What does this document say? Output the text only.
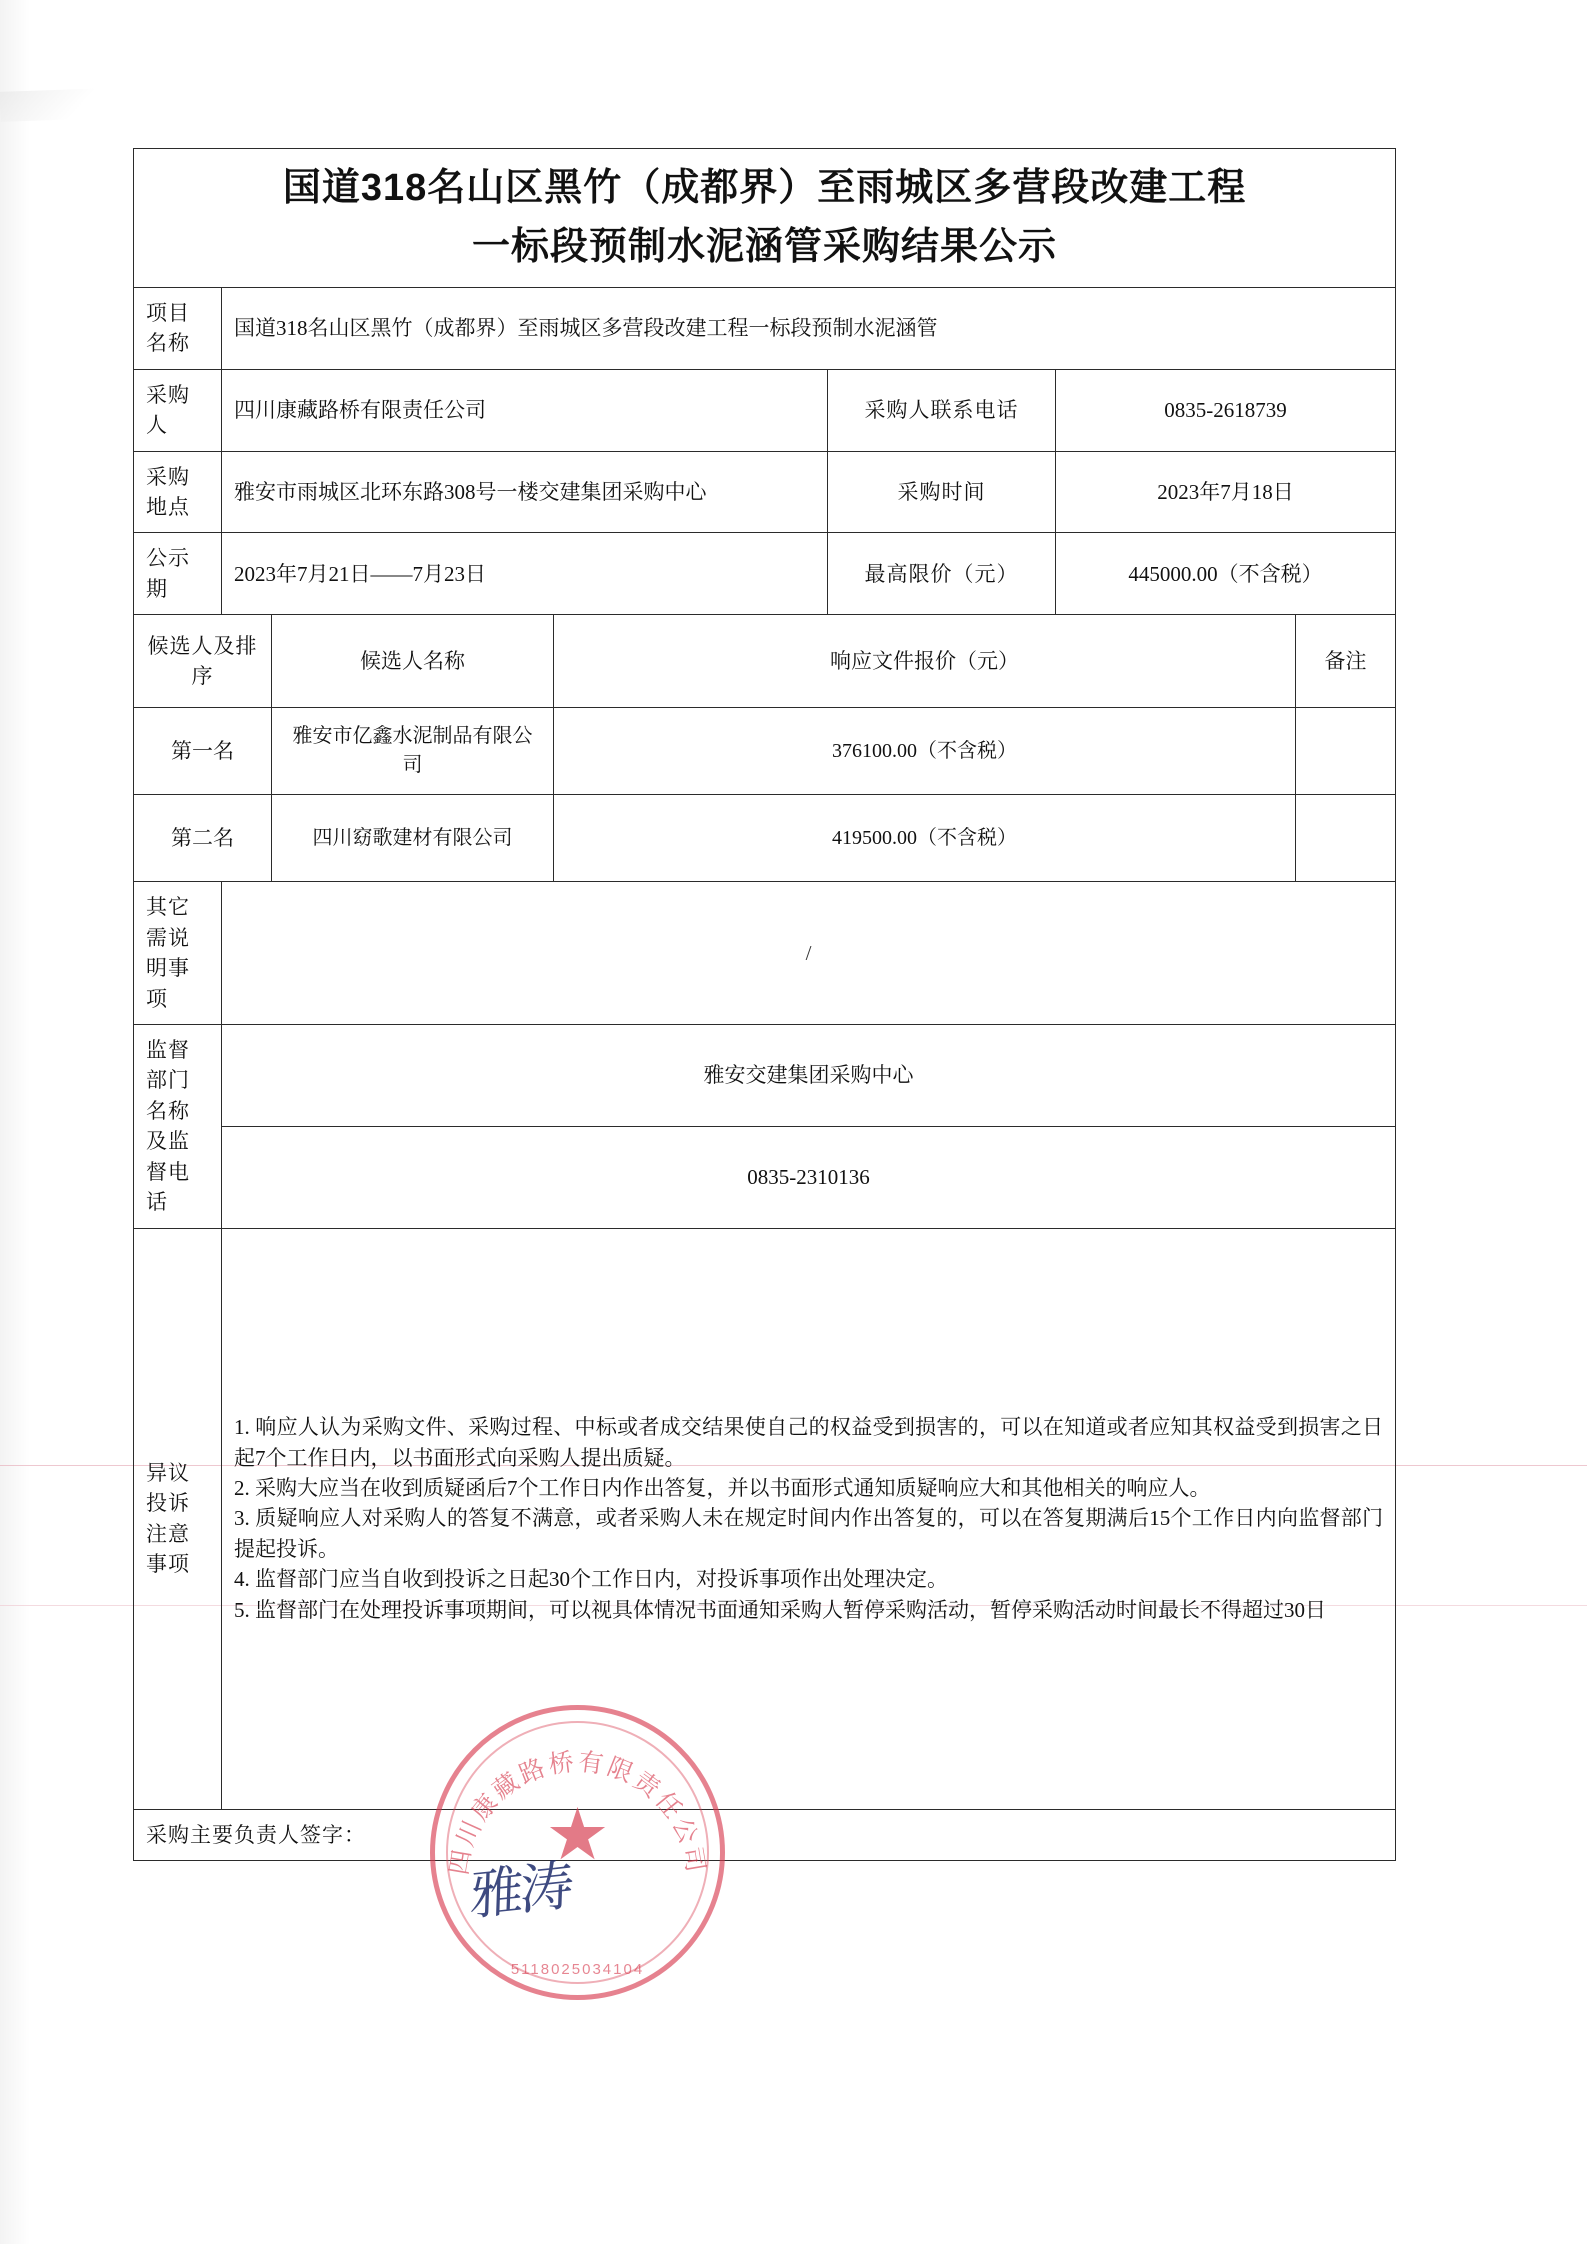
国道318名山区黑竹（成都界）至雨城区多营段改建工程
一标段预制水泥涵管采购结果公示						

项目名称	国道318名山区黑竹（成都界）至雨城区多营段改建工程一标段预制水泥涵管					
采购人	四川康藏路桥有限责任公司			采购人联系电话	0835-2618739	
采购地点	雅安市雨城区北环东路308号一楼交建集团采购中心			采购时间	2023年7月18日	
公示期	2023年7月21日——7月23日			最高限价（元）	445000.00（不含税）	
候选人及排序		候选人名称	响应文件报价（元）			备注
第一名		雅安市亿鑫水泥制品有限公司	376100.00（不含税）			
第二名		四川窈歌建材有限公司	419500.00（不含税）			
其它需说明事项	/					
监督部门名称及监督电话	雅安交建集团采购中心					
	0835-2310136					
异议投诉注意事项	1. 响应人认为采购文件、采购过程、中标或者成交结果使自己的权益受到损害的，可以在知道或者应知其权益受到损害之日起7个工作日内，以书面形式向采购人提出质疑。

2. 采购大应当在收到质疑函后7个工作日内作出答复，并以书面形式通知质疑响应大和其他相关的响应人。

3. 质疑响应人对采购人的答复不满意，或者采购人未在规定时间内作出答复的，可以在答复期满后15个工作日内向监督部门提起投诉。

4. 监督部门应当自收到投诉之日起30个工作日内，对投诉事项作出处理决定。

5. 监督部门在处理投诉事项期间，可以视具体情况书面通知采购人暂停采购活动，暂停采购活动时间最长不得超过30日					

采购主要负责人签字：						
四川康藏路桥有限责任公司
★
5118025034104
雅涛
